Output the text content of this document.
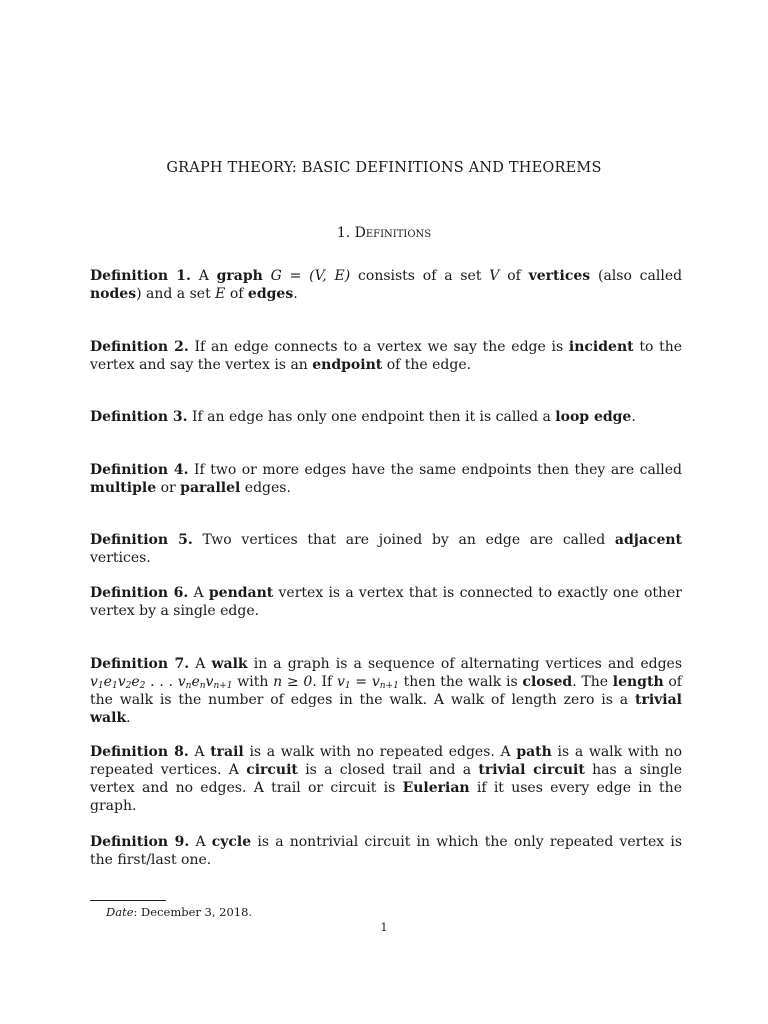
GRAPH THEORY: BASIC DEFINITIONS AND THEOREMS
1. Definitions
Definition 1. A graph G = (V, E) consists of a set V of vertices (also called nodes) and a set E of edges.
Definition 2. If an edge connects to a vertex we say the edge is incident to the vertex and say the vertex is an endpoint of the edge.
Definition 3. If an edge has only one endpoint then it is called a loop edge.
Definition 4. If two or more edges have the same endpoints then they are called multiple or parallel edges.
Definition 5. Two vertices that are joined by an edge are called adjacent vertices.
Definition 6. A pendant vertex is a vertex that is connected to exactly one other vertex by a single edge.
Definition 7. A walk in a graph is a sequence of alternating vertices and edges $v_1e_1v_2e_2$ . . . $v_ne_nv_{n+1}$ with n ≥ 0. If $v_1 = v_{n+1}$ then the walk is closed. The length of the walk is the number of edges in the walk. A walk of length zero is a trivial walk.
Definition 8. A trail is a walk with no repeated edges. A path is a walk with no repeated vertices. A circuit is a closed trail and a trivial circuit has a single vertex and no edges. A trail or circuit is Eulerian if it uses every edge in the graph.
Definition 9. A cycle is a nontrivial circuit in which the only repeated vertex is the first/last one.
Date: December 3, 2018.
1
